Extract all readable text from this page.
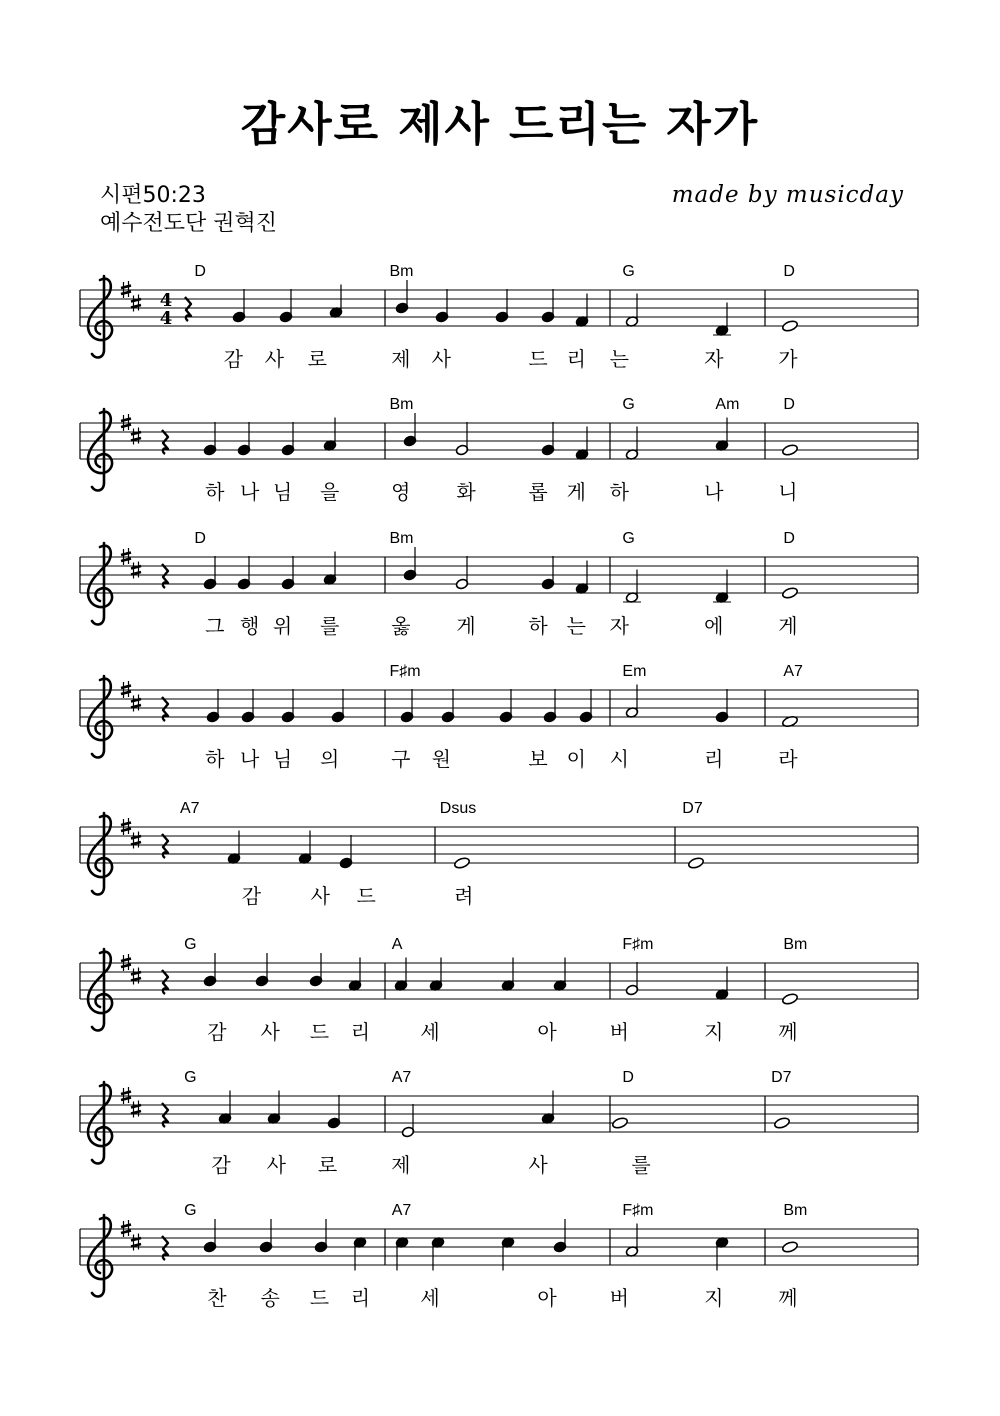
감사로 제사 드리는 자가
시편50:23
예수전도단 권혁진
made by musicday
4
4
D	Bm	G	D
감 사 로	제 사	드 리 는	자	가
Bm	G	Am	D
하 나 님 을	영 화	롭 게 하	나	니
D	Bm	G	D
그 행 위 를	옳 게	하 는 자	에	게
F♯m	Em	A7
하 나 님 의	구 원	보 이 시	리	라
A7	Dsus	D7
감 사 드	려
G	A	F♯m	Bm
감 사 드 리	세	아	버	지	께
G	A7	D	D7
감 사 로	제	사	를
G	A7	F♯m	Bm
찬 송 드 리	세	아	버	지	께
